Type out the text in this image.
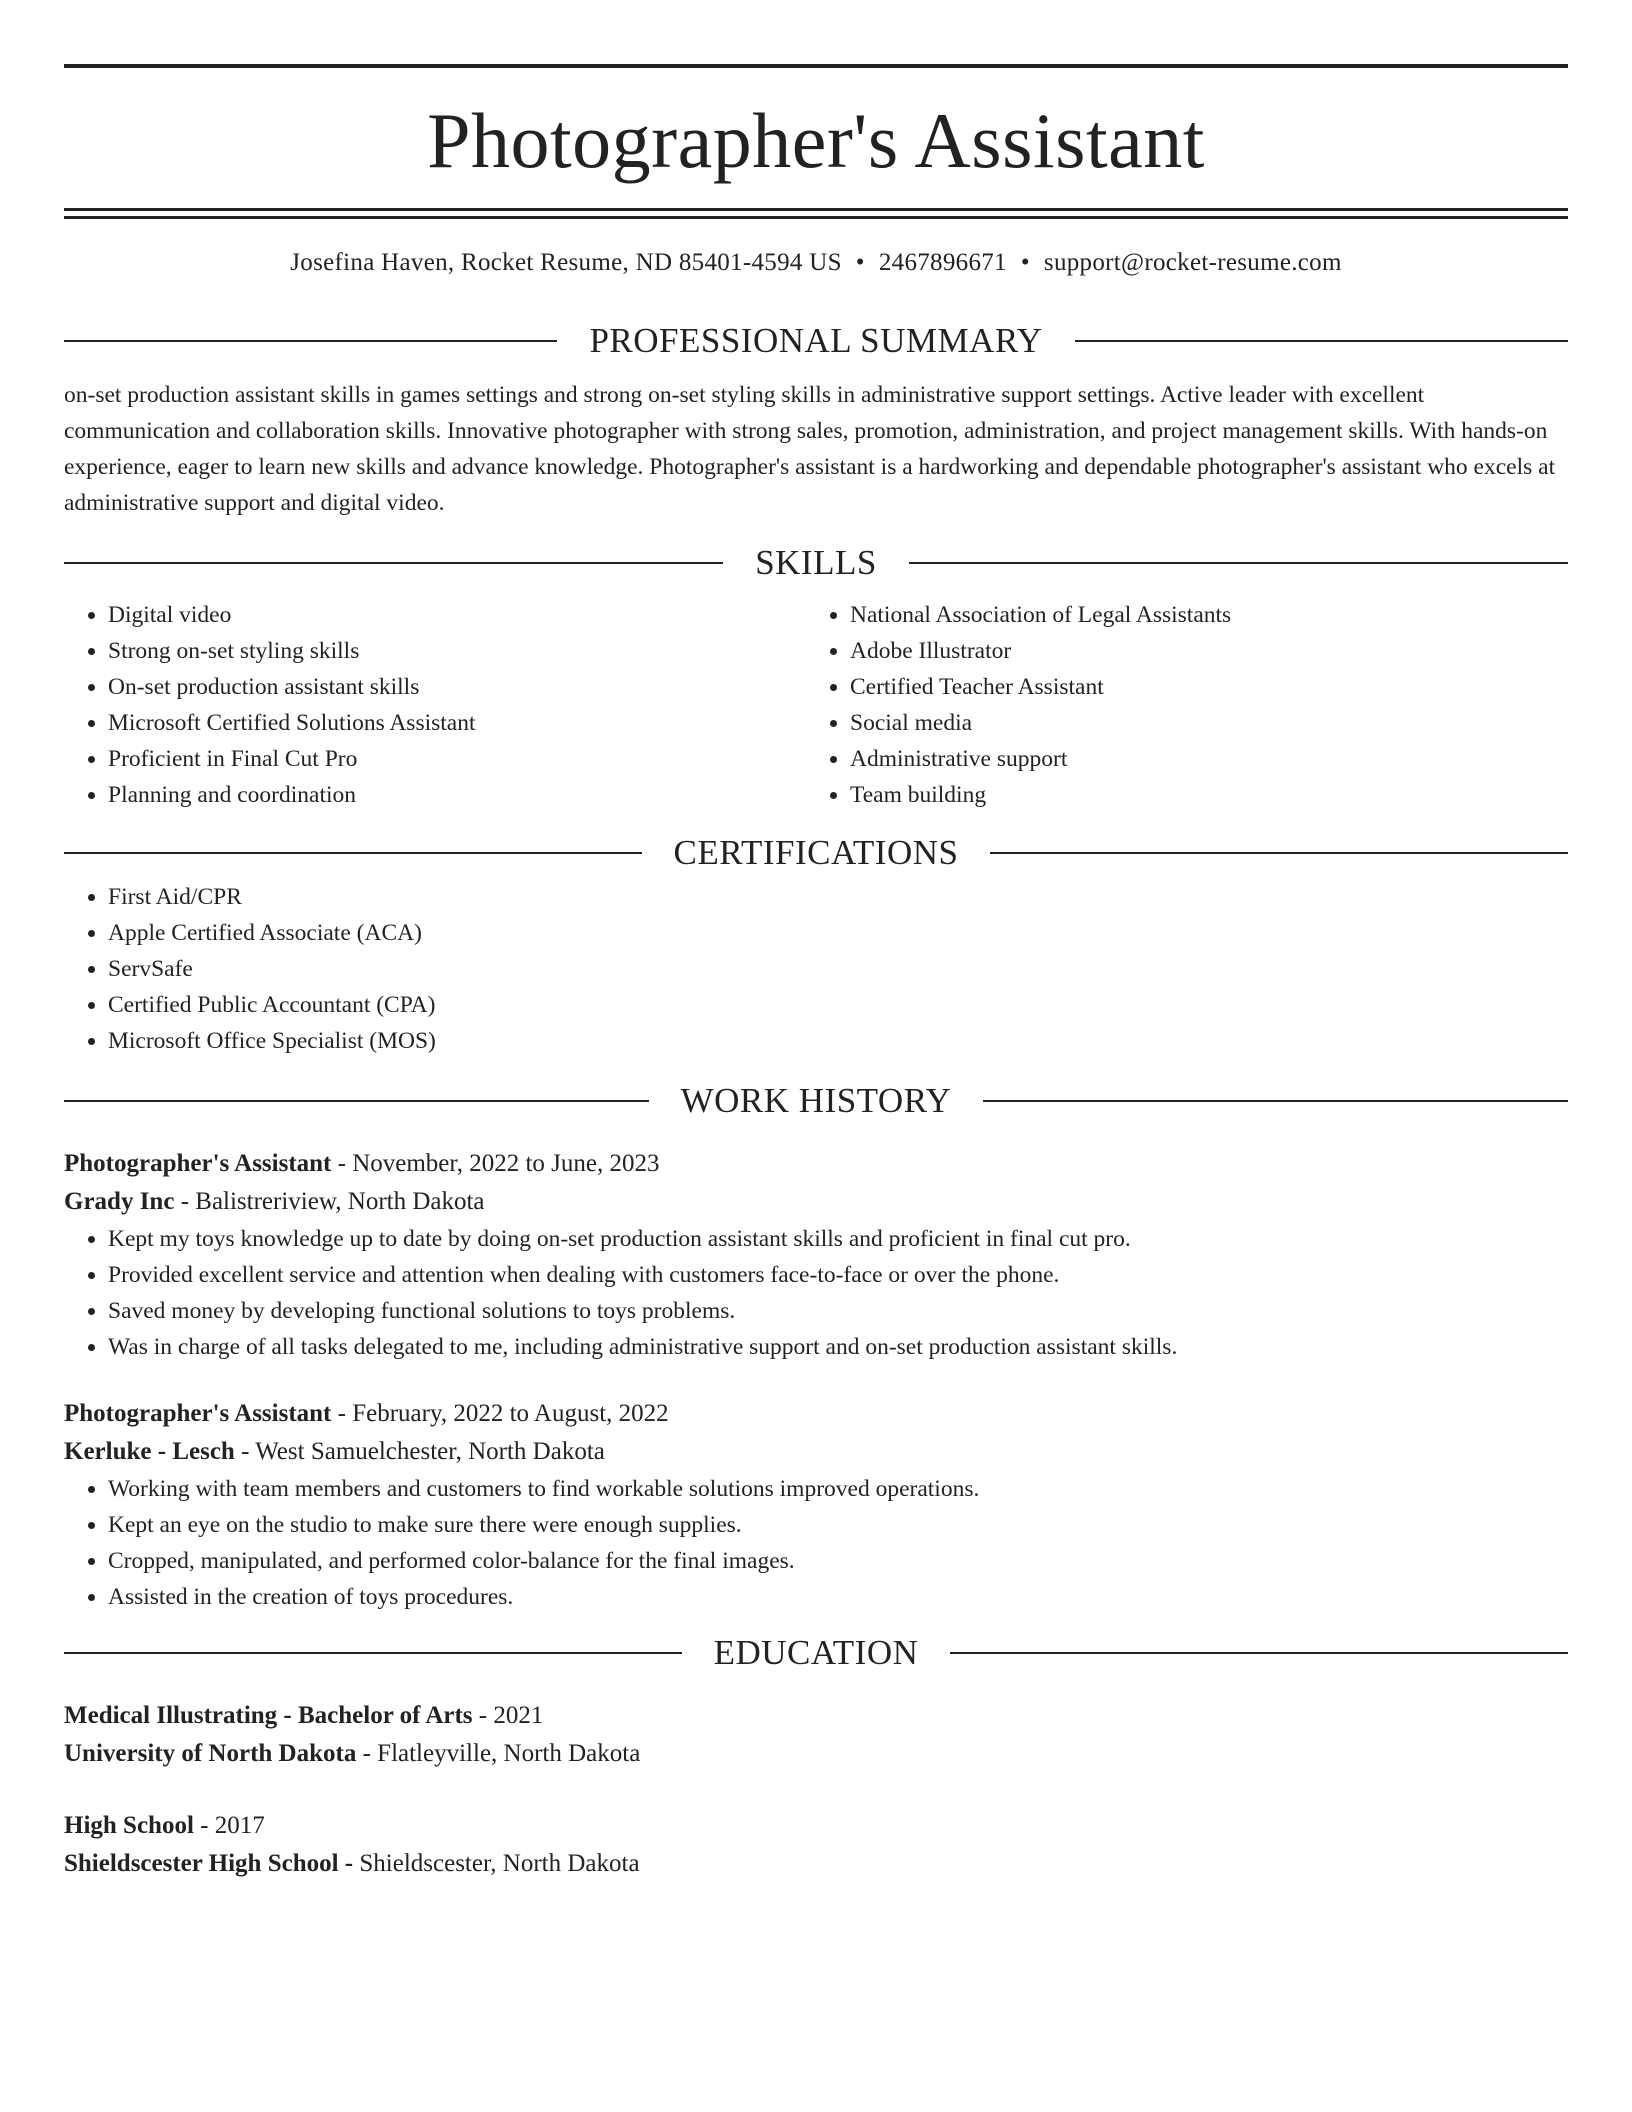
Photographer's Assistant
Josefina Haven, Rocket Resume, ND 85401-4594 US • 2467896671 • support@rocket-resume.com
PROFESSIONAL SUMMARY
on-set production assistant skills in games settings and strong on-set styling skills in administrative support settings. Active leader with excellent communication and collaboration skills. Innovative photographer with strong sales, promotion, administration, and project management skills. With hands-on experience, eager to learn new skills and advance knowledge. Photographer's assistant is a hardworking and dependable photographer's assistant who excels at administrative support and digital video.
SKILLS
• Digital video
• Strong on-set styling skills
• On-set production assistant skills
• Microsoft Certified Solutions Assistant
• Proficient in Final Cut Pro
• Planning and coordination
• National Association of Legal Assistants
• Adobe Illustrator
• Certified Teacher Assistant
• Social media
• Administrative support
• Team building
CERTIFICATIONS
• First Aid/CPR
• Apple Certified Associate (ACA)
• ServSafe
• Certified Public Accountant (CPA)
• Microsoft Office Specialist (MOS)
WORK HISTORY
Photographer's Assistant - November, 2022 to June, 2023
Grady Inc - Balistreriview, North Dakota
• Kept my toys knowledge up to date by doing on-set production assistant skills and proficient in final cut pro.
• Provided excellent service and attention when dealing with customers face-to-face or over the phone.
• Saved money by developing functional solutions to toys problems.
• Was in charge of all tasks delegated to me, including administrative support and on-set production assistant skills.
Photographer's Assistant - February, 2022 to August, 2022
Kerluke - Lesch - West Samuelchester, North Dakota
• Working with team members and customers to find workable solutions improved operations.
• Kept an eye on the studio to make sure there were enough supplies.
• Cropped, manipulated, and performed color-balance for the final images.
• Assisted in the creation of toys procedures.
EDUCATION
Medical Illustrating - Bachelor of Arts - 2021
University of North Dakota - Flatleyville, North Dakota
High School - 2017
Shieldscester High School - Shieldscester, North Dakota
